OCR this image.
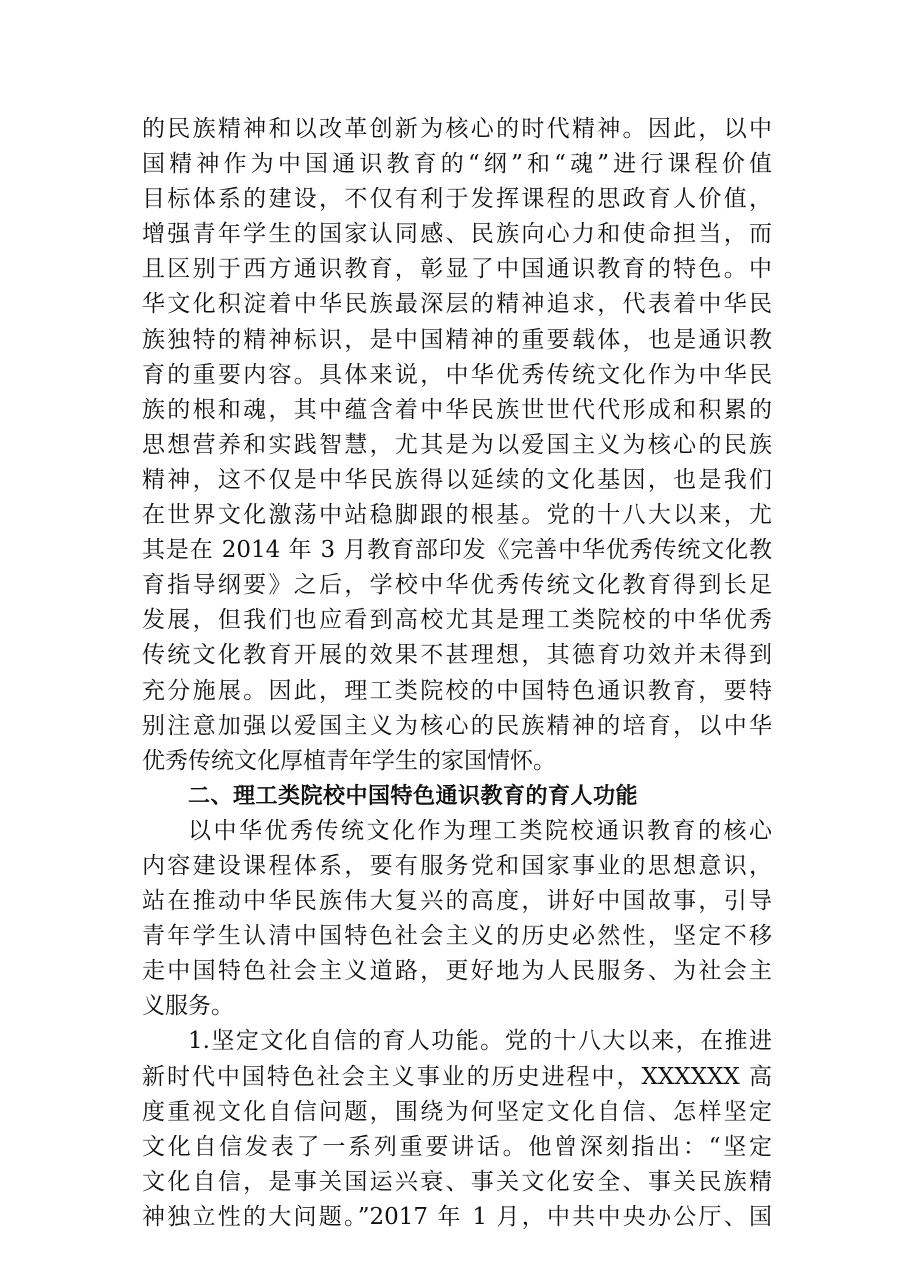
的民族精神和以改革创新为核心的时代精神。因此，以中
国精神作为中国通识教育的“纲”和“魂”进行课程价值
目标体系的建设，不仅有利于发挥课程的思政育人价值，
增强青年学生的国家认同感、民族向心力和使命担当，而
且区别于西方通识教育，彰显了中国通识教育的特色。中
华文化积淀着中华民族最深层的精神追求，代表着中华民
族独特的精神标识，是中国精神的重要载体，也是通识教
育的重要内容。具体来说，中华优秀传统文化作为中华民
族的根和魂，其中蕴含着中华民族世世代代形成和积累的
思想营养和实践智慧，尤其是为以爱国主义为核心的民族
精神，这不仅是中华民族得以延续的文化基因，也是我们
在世界文化激荡中站稳脚跟的根基。党的十八大以来，尤
其是在 2014 年 3 月教育部印发《完善中华优秀传统文化教
育指导纲要》之后，学校中华优秀传统文化教育得到长足
发展，但我们也应看到高校尤其是理工类院校的中华优秀
传统文化教育开展的效果不甚理想，其德育功效并未得到
充分施展。因此，理工类院校的中国特色通识教育，要特
别注意加强以爱国主义为核心的民族精神的培育，以中华
优秀传统文化厚植青年学生的家国情怀。
二、理工类院校中国特色通识教育的育人功能
以中华优秀传统文化作为理工类院校通识教育的核心
内容建设课程体系，要有服务党和国家事业的思想意识，
站在推动中华民族伟大复兴的高度，讲好中国故事，引导
青年学生认清中国特色社会主义的历史必然性，坚定不移
走中国特色社会主义道路，更好地为人民服务、为社会主
义服务。
1.坚定文化自信的育人功能。党的十八大以来，在推进
新时代中国特色社会主义事业的历史进程中，XXXXXX 高
度重视文化自信问题，围绕为何坚定文化自信、怎样坚定
文化自信发表了一系列重要讲话。他曾深刻指出：“坚定
文化自信，是事关国运兴衰、事关文化安全、事关民族精
神独立性的大问题。”2017 年 1 月，中共中央办公厅、国
